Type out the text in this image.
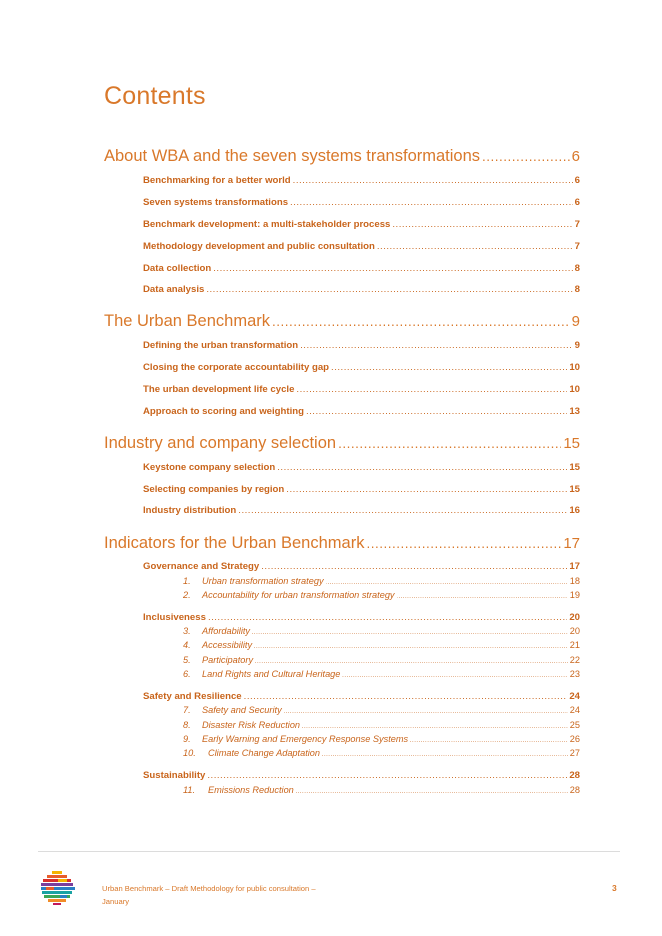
Contents
About WBA and the seven systems transformations .....	6
Benchmarking for a better world .....	6
Seven systems transformations .....	6
Benchmark development: a multi-stakeholder process .....	7
Methodology development and public consultation .....	7
Data collection .....	8
Data analysis .....	8
The Urban Benchmark .....	9
Defining the urban transformation .....	9
Closing the corporate accountability gap .....	10
The urban development life cycle .....	10
Approach to scoring and weighting .....	13
Industry and company selection .....	15
Keystone company selection .....	15
Selecting companies by region .....	15
Industry distribution .....	16
Indicators for the Urban Benchmark .....	17
Governance and Strategy .....	17
1. Urban transformation strategy .....	18
2. Accountability for urban transformation strategy .....	19
Inclusiveness .....	20
3. Affordability .....	20
4. Accessibility .....	21
5. Participatory .....	22
6. Land Rights and Cultural Heritage .....	23
Safety and Resilience .....	24
7. Safety and Security .....	24
8. Disaster Risk Reduction .....	25
9. Early Warning and Emergency Response Systems .....	26
10. Climate Change Adaptation .....	27
Sustainability .....	28
11. Emissions Reduction .....	28
Urban Benchmark – Draft Methodology for public consultation – January
3
